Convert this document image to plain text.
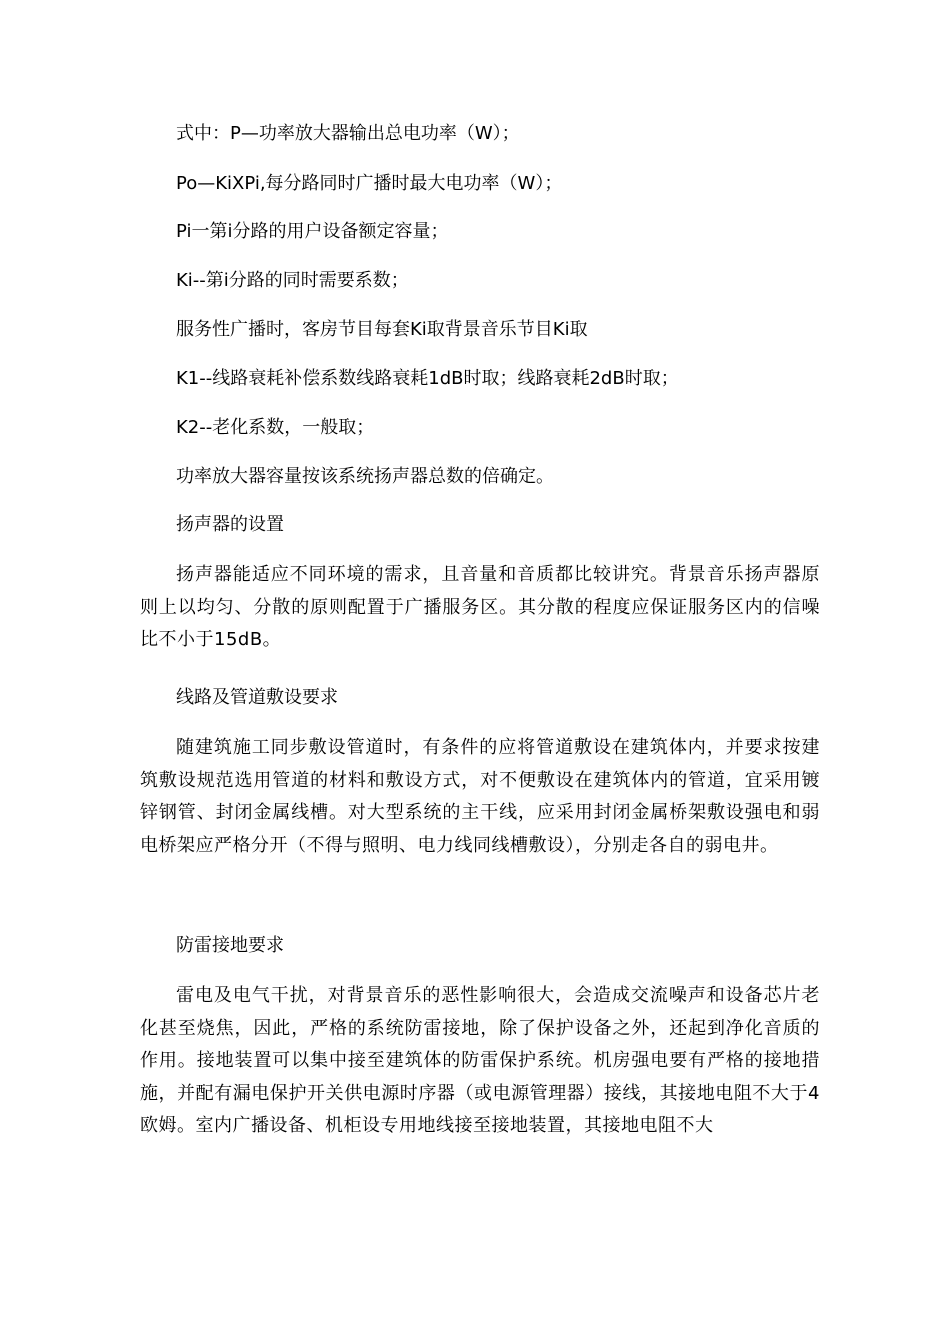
式中：P—功率放大器输出总电功率（W）；
Po—KiXPi,每分路同时广播时最大电功率（W）；
Pi一第i分路的用户设备额定容量；
Ki--第i分路的同时需要系数；
服务性广播时，客房节目每套Ki取背景音乐节目Ki取
K1--线路衰耗补偿系数线路衰耗1dB时取；线路衰耗2dB时取；
K2--老化系数，一般取；
功率放大器容量按该系统扬声器总数的倍确定。
扬声器的设置
扬声器能适应不同环境的需求，且音量和音质都比较讲究。背景音乐扬声器原则上以均匀、分散的原则配置于广播服务区。其分散的程度应保证服务区内的信噪比不小于15dB。
线路及管道敷设要求
随建筑施工同步敷设管道时，有条件的应将管道敷设在建筑体内，并要求按建筑敷设规范选用管道的材料和敷设方式，对不便敷设在建筑体内的管道，宜采用镀锌钢管、封闭金属线槽。对大型系统的主干线，应采用封闭金属桥架敷设强电和弱电桥架应严格分开（不得与照明、电力线同线槽敷设），分别走各自的弱电井。
防雷接地要求
雷电及电气干扰，对背景音乐的恶性影响很大，会造成交流噪声和设备芯片老化甚至烧焦，因此，严格的系统防雷接地，除了保护设备之外，还起到净化音质的作用。接地装置可以集中接至建筑体的防雷保护系统。机房强电要有严格的接地措施，并配有漏电保护开关供电源时序器（或电源管理器）接线，其接地电阻不大于4欧姆。室内广播设备、机柜设专用地线接至接地装置，其接地电阻不大
